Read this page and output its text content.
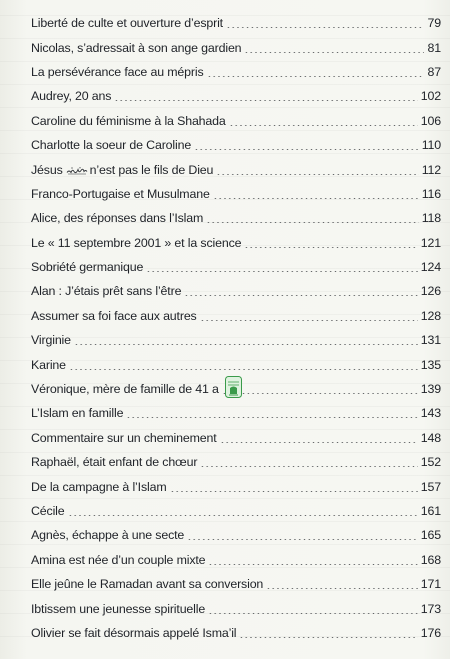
Liberté de culte et ouverture d’esprit	79
Nicolas, s’adressait à son ange gardien	81
La persévérance face au mépris	87
Audrey, 20 ans	102
Caroline du féminisme à la Shahada	106
Charlotte la soeur de Caroline	110
Jésus n’est pas le fils de Dieu	112
Franco-Portugaise et Musulmane	116
Alice, des réponses dans l’Islam	118
Le « 11 septembre 2001 » et la science	121
Sobriété germanique	124
Alan : J’étais prêt sans l’être	126
Assumer sa foi face aux autres	128
Virginie	131
Karine	135
Véronique, mère de famille de 41 a	139
L’Islam en famille	143
Commentaire sur un cheminement	148
Raphaël, était enfant de chœur	152
De la campagne à l’Islam	157
Cécile	161
Agnès, échappe à une secte	165
Amina est née d’un couple mixte	168
Elle jeûne le Ramadan avant sa conversion	171
Ibtissem une jeunesse spirituelle	173
Olivier se fait désormais appelé Isma’il	176
